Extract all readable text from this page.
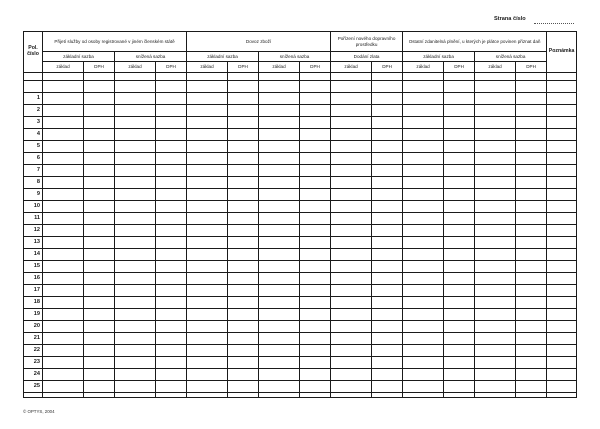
Strana číslo
Pol. číslo	Přijetí služby od osoby registrované v jiném členském státě				Dovoz zboží				Pořízení nového dopravního prostředku		Ostatní zdanitelná plnění, u kterých je plátce povinen přiznat daň				Poznámka
	základní sazba		snížená sazba		základní sazba		snížená sazba		Dodání zlata		základní sazba		snížená sazba		
	základ	DPH	základ	DPH	základ	DPH	základ	DPH	základ	DPH	základ	DPH	základ	DPH	

1															
2															
3															
4															
5															
6															
7															
8															
9															
10															
11															
12															
13															
14															
15															
16															
17															
18															
19															
20															
21															
22															
23															
24															
25															

© OPTYS, 2004
